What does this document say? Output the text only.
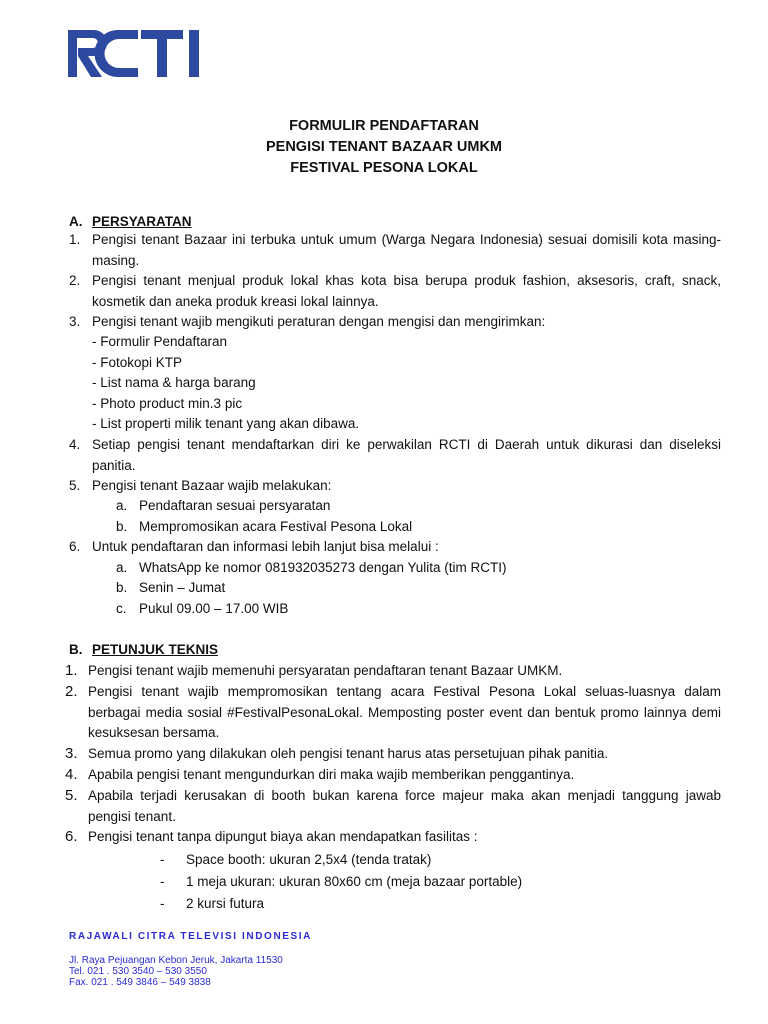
FORMULIR PENDAFTARAN
PENGISI TENANT BAZAAR UMKM
FESTIVAL PESONA LOKAL
A. PERSYARATAN
1. Pengisi tenant Bazaar ini terbuka untuk umum (Warga Negara Indonesia) sesuai domisili kota masing-masing.
2. Pengisi tenant menjual produk lokal khas kota bisa berupa produk fashion, aksesoris, craft, snack, kosmetik dan aneka produk kreasi lokal lainnya.
3. Pengisi tenant wajib mengikuti peraturan dengan mengisi dan mengirimkan:
- Formulir Pendaftaran
- Fotokopi KTP
- List nama & harga barang
- Photo product min.3 pic
- List properti milik tenant yang akan dibawa.
4. Setiap pengisi tenant mendaftarkan diri ke perwakilan RCTI di Daerah untuk dikurasi dan diseleksi panitia.
5. Pengisi tenant Bazaar wajib melakukan:
a. Pendaftaran sesuai persyaratan
b. Mempromosikan acara Festival Pesona Lokal
6. Untuk pendaftaran dan informasi lebih lanjut bisa melalui :
a. WhatsApp ke nomor 081932035273 dengan Yulita (tim RCTI)
b. Senin – Jumat
c. Pukul 09.00 – 17.00 WIB
B. PETUNJUK TEKNIS
1. Pengisi tenant wajib memenuhi persyaratan pendaftaran tenant Bazaar UMKM.
2. Pengisi tenant wajib mempromosikan tentang acara Festival Pesona Lokal seluas-luasnya dalam berbagai media sosial #FestivalPesonaLokal. Memposting poster event dan bentuk promo lainnya demi kesuksesan bersama.
3. Semua promo yang dilakukan oleh pengisi tenant harus atas persetujuan pihak panitia.
4. Apabila pengisi tenant mengundurkan diri maka wajib memberikan penggantinya.
5. Apabila terjadi kerusakan di booth bukan karena force majeur maka akan menjadi tanggung jawab pengisi tenant.
6. Pengisi tenant tanpa dipungut biaya akan mendapatkan fasilitas :
- Space booth: ukuran 2,5x4 (tenda tratak)
- 1 meja ukuran: ukuran 80x60 cm (meja bazaar portable)
- 2 kursi futura
RAJAWALI CITRA TELEVISI INDONESIA
Jl. Raya Pejuangan Kebon Jeruk, Jakarta 11530
Tel. 021 . 530 3540 – 530 3550
Fax. 021 . 549 3846 – 549 3838
